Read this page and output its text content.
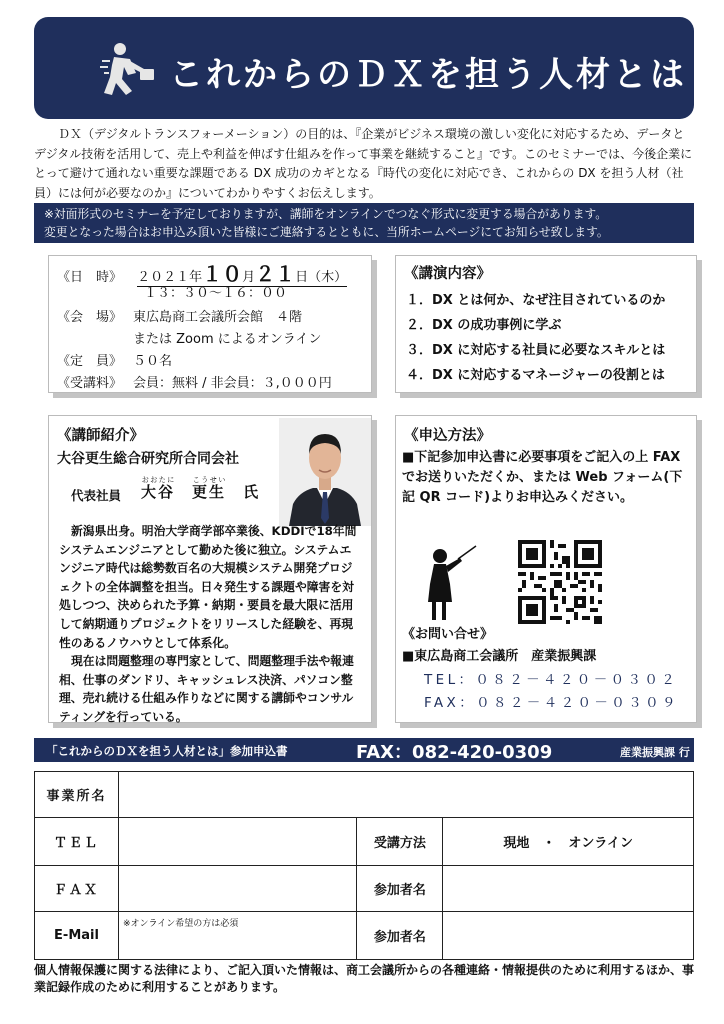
これからのＤＸを担う人材とは

ＤＸ（デジタルトランスフォーメーション）の目的は、『企業がビジネス環境の激しい変化に対応するため、データとデジタル技術を活用して、売上や利益を伸ばす仕組みを作って事業を継続すること』です。このセミナーでは、今後企業にとって避けて通れない重要な課題である DX 成功のカギとなる『時代の変化に対応でき、これからの DX を担う人材（社員）には何が必要なのか』についてわかりやすくお伝えします。

※対面形式のセミナーを予定しておりますが、講師をオンラインでつなぐ形式に変更する場合があります。
変更となった場合はお申込み頂いた皆様にご連絡するとともに、当所ホームページにてお知らせ致します。
《日　時》 ２０２１年１０月２１日（木）
１３：３０～１６：００
《会　場》 東広島商工会議所会館　４階
または Zoom によるオンライン
《定　員》 ５０名
《受講料》 会員：無料 / 非会員：３,０００円
《講演内容》
１．DX とは何か、なぜ注目されているのか
２．DX の成功事例に学ぶ
３．DX に対応する社員に必要なスキルとは
４．DX に対応するマネージャーの役割とは
《講師紹介》
大谷更生総合研究所合同会社
代表社員 大谷おおたに　更生こうせい　氏

新潟県出身。明治大学商学部卒業後、KDDIで18年間システムエンジニアとして勤めた後に独立。システムエンジニア時代は総勢数百名の大規模システム開発プロジェクトの全体調整を担当。日々発生する課題や障害を対処しつつ、決められた予算・納期・要員を最大限に活用して納期通りプロジェクトをリリースした経験を、再現性のあるノウハウとして体系化。

現在は問題整理の専門家として、問題整理手法や報連相、仕事のダンドリ、キャッシュレス決済、パソコン整理、売れ続ける仕組み作りなどに関する講師やコンサルティングを行っている。

《申込方法》
■下記参加申込書に必要事項をご記入の上 FAX でお送りいただくか、または Web フォーム(下記 QR コード)よりお申込みください。
《お問い合せ》
■東広島商工会議所　産業振興課
TEL：０８２－４２０－０３０２
FAX：０８２－４２０－０３０９
「これからのＤＸを担う人材とは」参加申込書	FAX：082-420-0309	産業振興課 行
事業所名			
ＴＥＬ		受講方法	現地　・　オンライン
ＦＡＸ		参加者名	
E-Mail	※オンライン希望の方は必須	参加者名	

個人情報保護に関する法律により、ご記入頂いた情報は、商工会議所からの各種連絡・情報提供のために利用するほか、事業記録作成のために利用することがあります。
